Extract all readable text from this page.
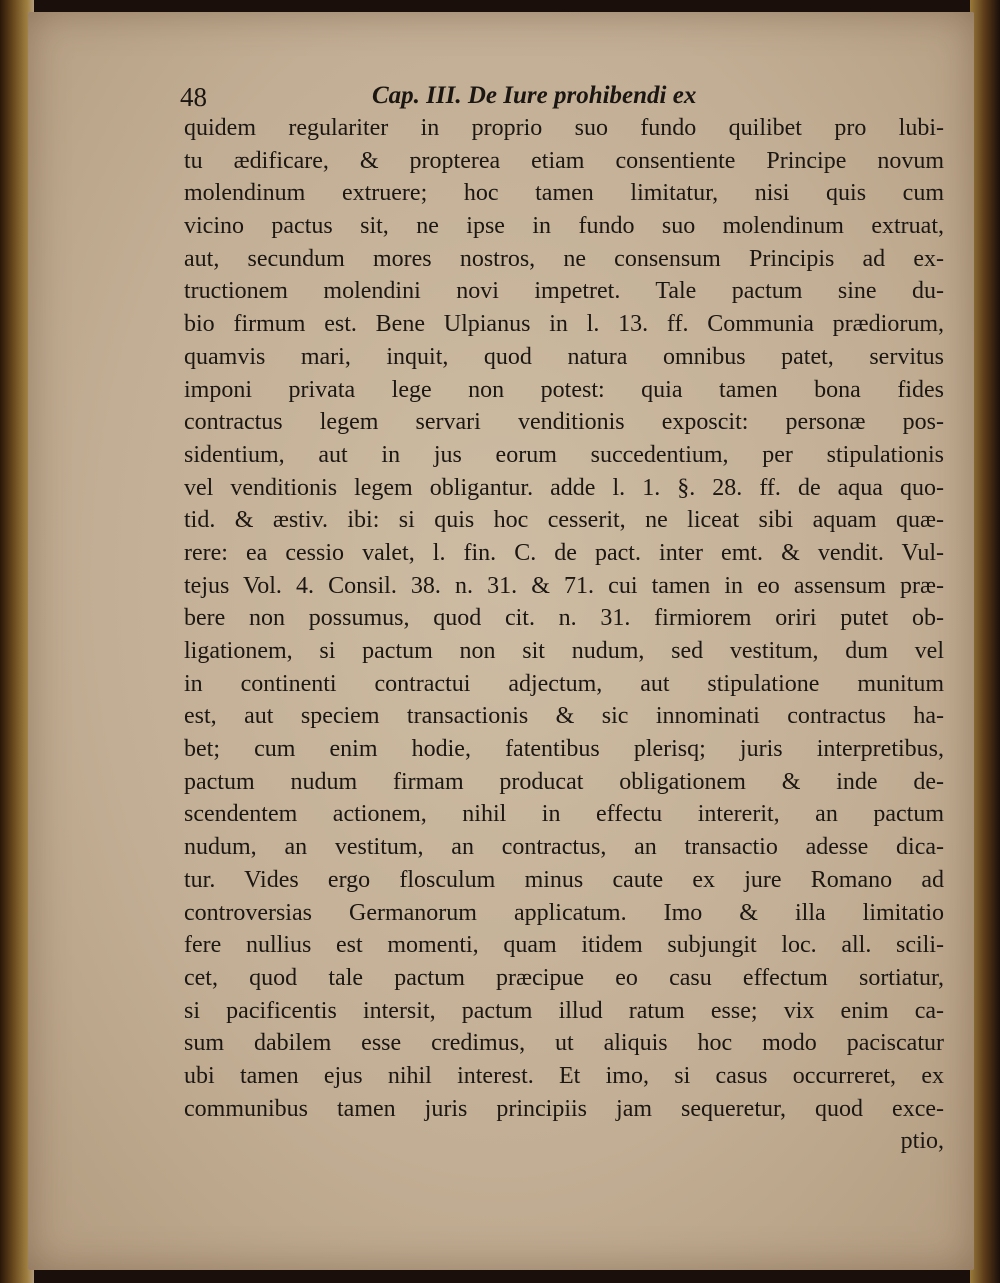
48	Cap. III. De Iure prohibendi ex
quidem regulariter in proprio suo fundo quilibet pro lubi-
tu ædificare, & propterea etiam consentiente Principe novum
molendinum extruere; hoc tamen limitatur, nisi quis cum
vicino pactus sit, ne ipse in fundo suo molendinum extruat,
aut, secundum mores nostros, ne consensum Principis ad ex-
tructionem molendini novi impetret. Tale pactum sine du-
bio firmum est. Bene Ulpianus in l. 13. ff. Communia prædiorum,
quamvis mari, inquit, quod natura omnibus patet, servitus
imponi privata lege non potest: quia tamen bona fides
contractus legem servari venditionis exposcit: personæ pos-
sidentium, aut in jus eorum succedentium, per stipulationis
vel venditionis legem obligantur. adde l. 1. §. 28. ff. de aqua quo-
tid. & æstiv. ibi: si quis hoc cesserit, ne liceat sibi aquam quæ-
rere: ea cessio valet, l. fin. C. de pact. inter emt. & vendit. Vul-
tejus Vol. 4. Consil. 38. n. 31. & 71. cui tamen in eo assensum præ-
bere non possumus, quod cit. n. 31. firmiorem oriri putet ob-
ligationem, si pactum non sit nudum, sed vestitum, dum vel
in continenti contractui adjectum, aut stipulatione munitum
est, aut speciem transactionis & sic innominati contractus ha-
bet; cum enim hodie, fatentibus plerisq; juris interpretibus,
pactum nudum firmam producat obligationem & inde de-
scendentem actionem, nihil in effectu intererit, an pactum
nudum, an vestitum, an contractus, an transactio adesse dica-
tur. Vides ergo flosculum minus caute ex jure Romano ad
controversias Germanorum applicatum. Imo & illa limitatio
fere nullius est momenti, quam itidem subjungit loc. all. scili-
cet, quod tale pactum præcipue eo casu effectum sortiatur,
si pacificentis intersit, pactum illud ratum esse; vix enim ca-
sum dabilem esse credimus, ut aliquis hoc modo paciscatur
ubi tamen ejus nihil interest. Et imo, si casus occurreret, ex
communibus tamen juris principiis jam sequeretur, quod exce-
ptio,
